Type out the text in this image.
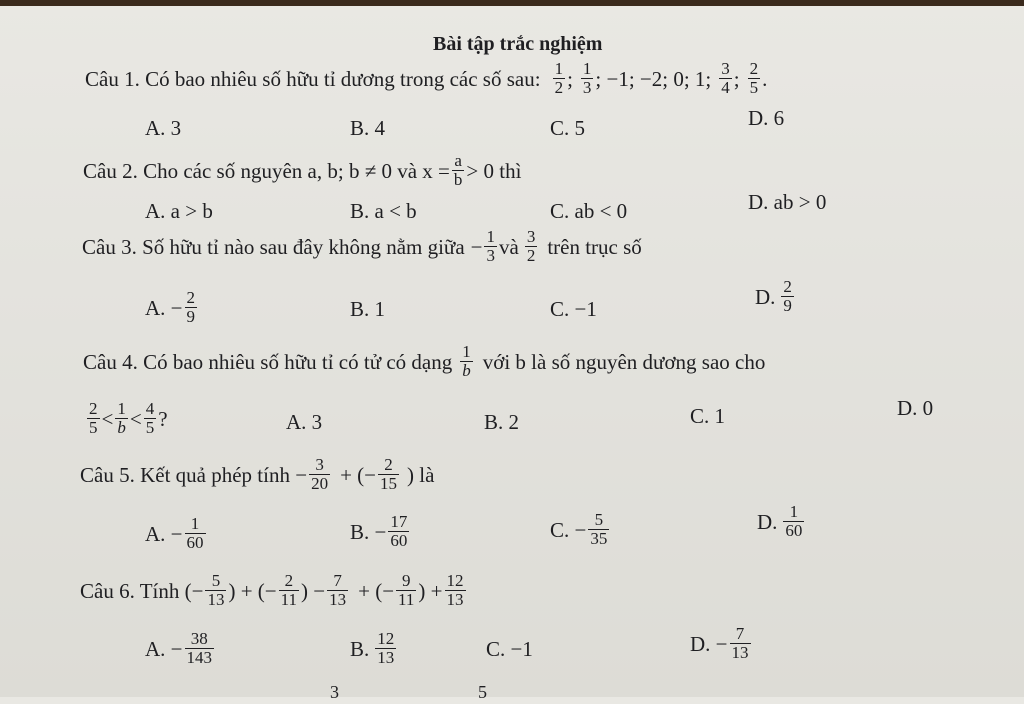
Bài tập trắc nghiệm
Câu 1. Có bao nhiêu số hữu tỉ dương trong các số sau: $\frac{1}{2}$ ; $\frac{1}{3}$ ; −1; −2; 0; 1; $\frac{3}{4}$ ; $\frac{2}{5}$ .
A. 3	B. 4	C. 5	D. 6
Câu 2. Cho các số nguyên a, b; b ≠ 0 và $x = \frac{a}{b} > 0$ thì
A. a > b	B. a < b	C. ab < 0	D. ab > 0
Câu 3. Số hữu tỉ nào sau đây không nằm giữa − $\frac{1}{3}$ và $\frac{3}{2}$ trên trục số
A. − $\frac{2}{9}$	B. 1	C. −1
D. $\frac{2}{9}$
Câu 4. Có bao nhiêu số hữu tỉ có tử có dạng $\frac{1}{b}$ với b là số nguyên dương sao cho
$\frac{2}{5} < \frac{1}{b} < \frac{4}{5}$ ?	A. 3	B. 2	C. 1	D. 0
Câu 5. Kết quả phép tính − $\frac{3}{20}$ + (− $\frac{2}{15}$ ) là
A. − $\frac{1}{60}$	B. − $\frac{17}{60}$	C. − $\frac{5}{35}$	D. $\frac{1}{60}$
Câu 6. Tính (− $\frac{5}{13}$ ) + (− $\frac{2}{11}$ ) − $\frac{7}{13}$ + (− $\frac{9}{11}$ ) + $\frac{12}{13}$
A. − $\frac{38}{143}$	B. $\frac{12}{13}$	C. −1	D. − $\frac{7}{13}$
3	5
